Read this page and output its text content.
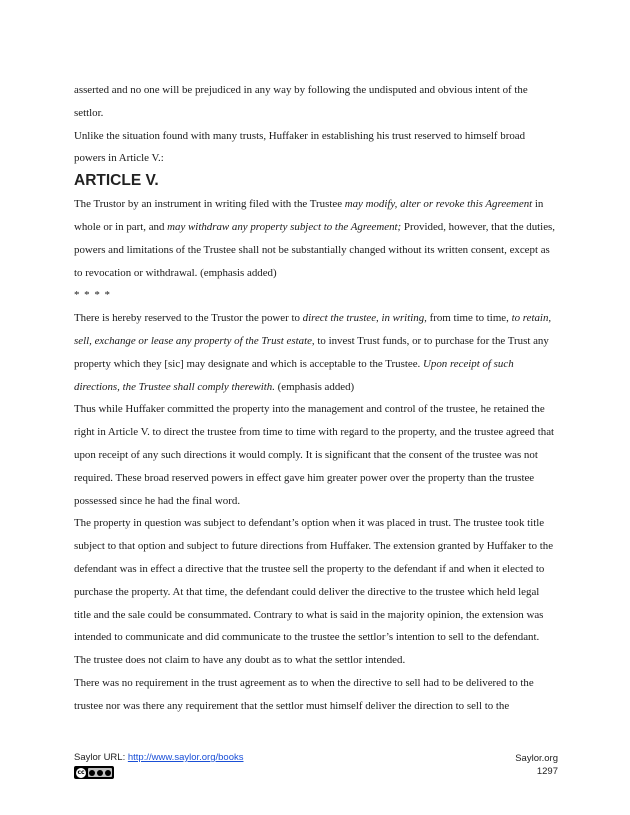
asserted and no one will be prejudiced in any way by following the undisputed and obvious intent of the settlor.

Unlike the situation found with many trusts, Huffaker in establishing his trust reserved to himself broad powers in Article V.:

ARTICLE V.

The Trustor by an instrument in writing filed with the Trustee may modify, alter or revoke this Agreement in whole or in part, and may withdraw any property subject to the Agreement; Provided, however, that the duties, powers and limitations of the Trustee shall not be substantially changed without its written consent, except as to revocation or withdrawal. (emphasis added)

* * * *

There is hereby reserved to the Trustor the power to direct the trustee, in writing, from time to time, to retain, sell, exchange or lease any property of the Trust estate, to invest Trust funds, or to purchase for the Trust any property which they [sic] may designate and which is acceptable to the Trustee. Upon receipt of such directions, the Trustee shall comply therewith. (emphasis added)

Thus while Huffaker committed the property into the management and control of the trustee, he retained the right in Article V. to direct the trustee from time to time with regard to the property, and the trustee agreed that upon receipt of any such directions it would comply. It is significant that the consent of the trustee was not required. These broad reserved powers in effect gave him greater power over the property than the trustee possessed since he had the final word.

The property in question was subject to defendant’s option when it was placed in trust. The trustee took title subject to that option and subject to future directions from Huffaker. The extension granted by Huffaker to the defendant was in effect a directive that the trustee sell the property to the defendant if and when it elected to purchase the property. At that time, the defendant could deliver the directive to the trustee which held legal title and the sale could be consummated. Contrary to what is said in the majority opinion, the extension was intended to communicate and did communicate to the trustee the settlor’s intention to sell to the defendant. The trustee does not claim to have any doubt as to what the settlor intended.

There was no requirement in the trust agreement as to when the directive to sell had to be delivered to the trustee nor was there any requirement that the settlor must himself deliver the direction to sell to the

Saylor URL: http://www.saylor.org/books
cc
Saylor.org
1297
